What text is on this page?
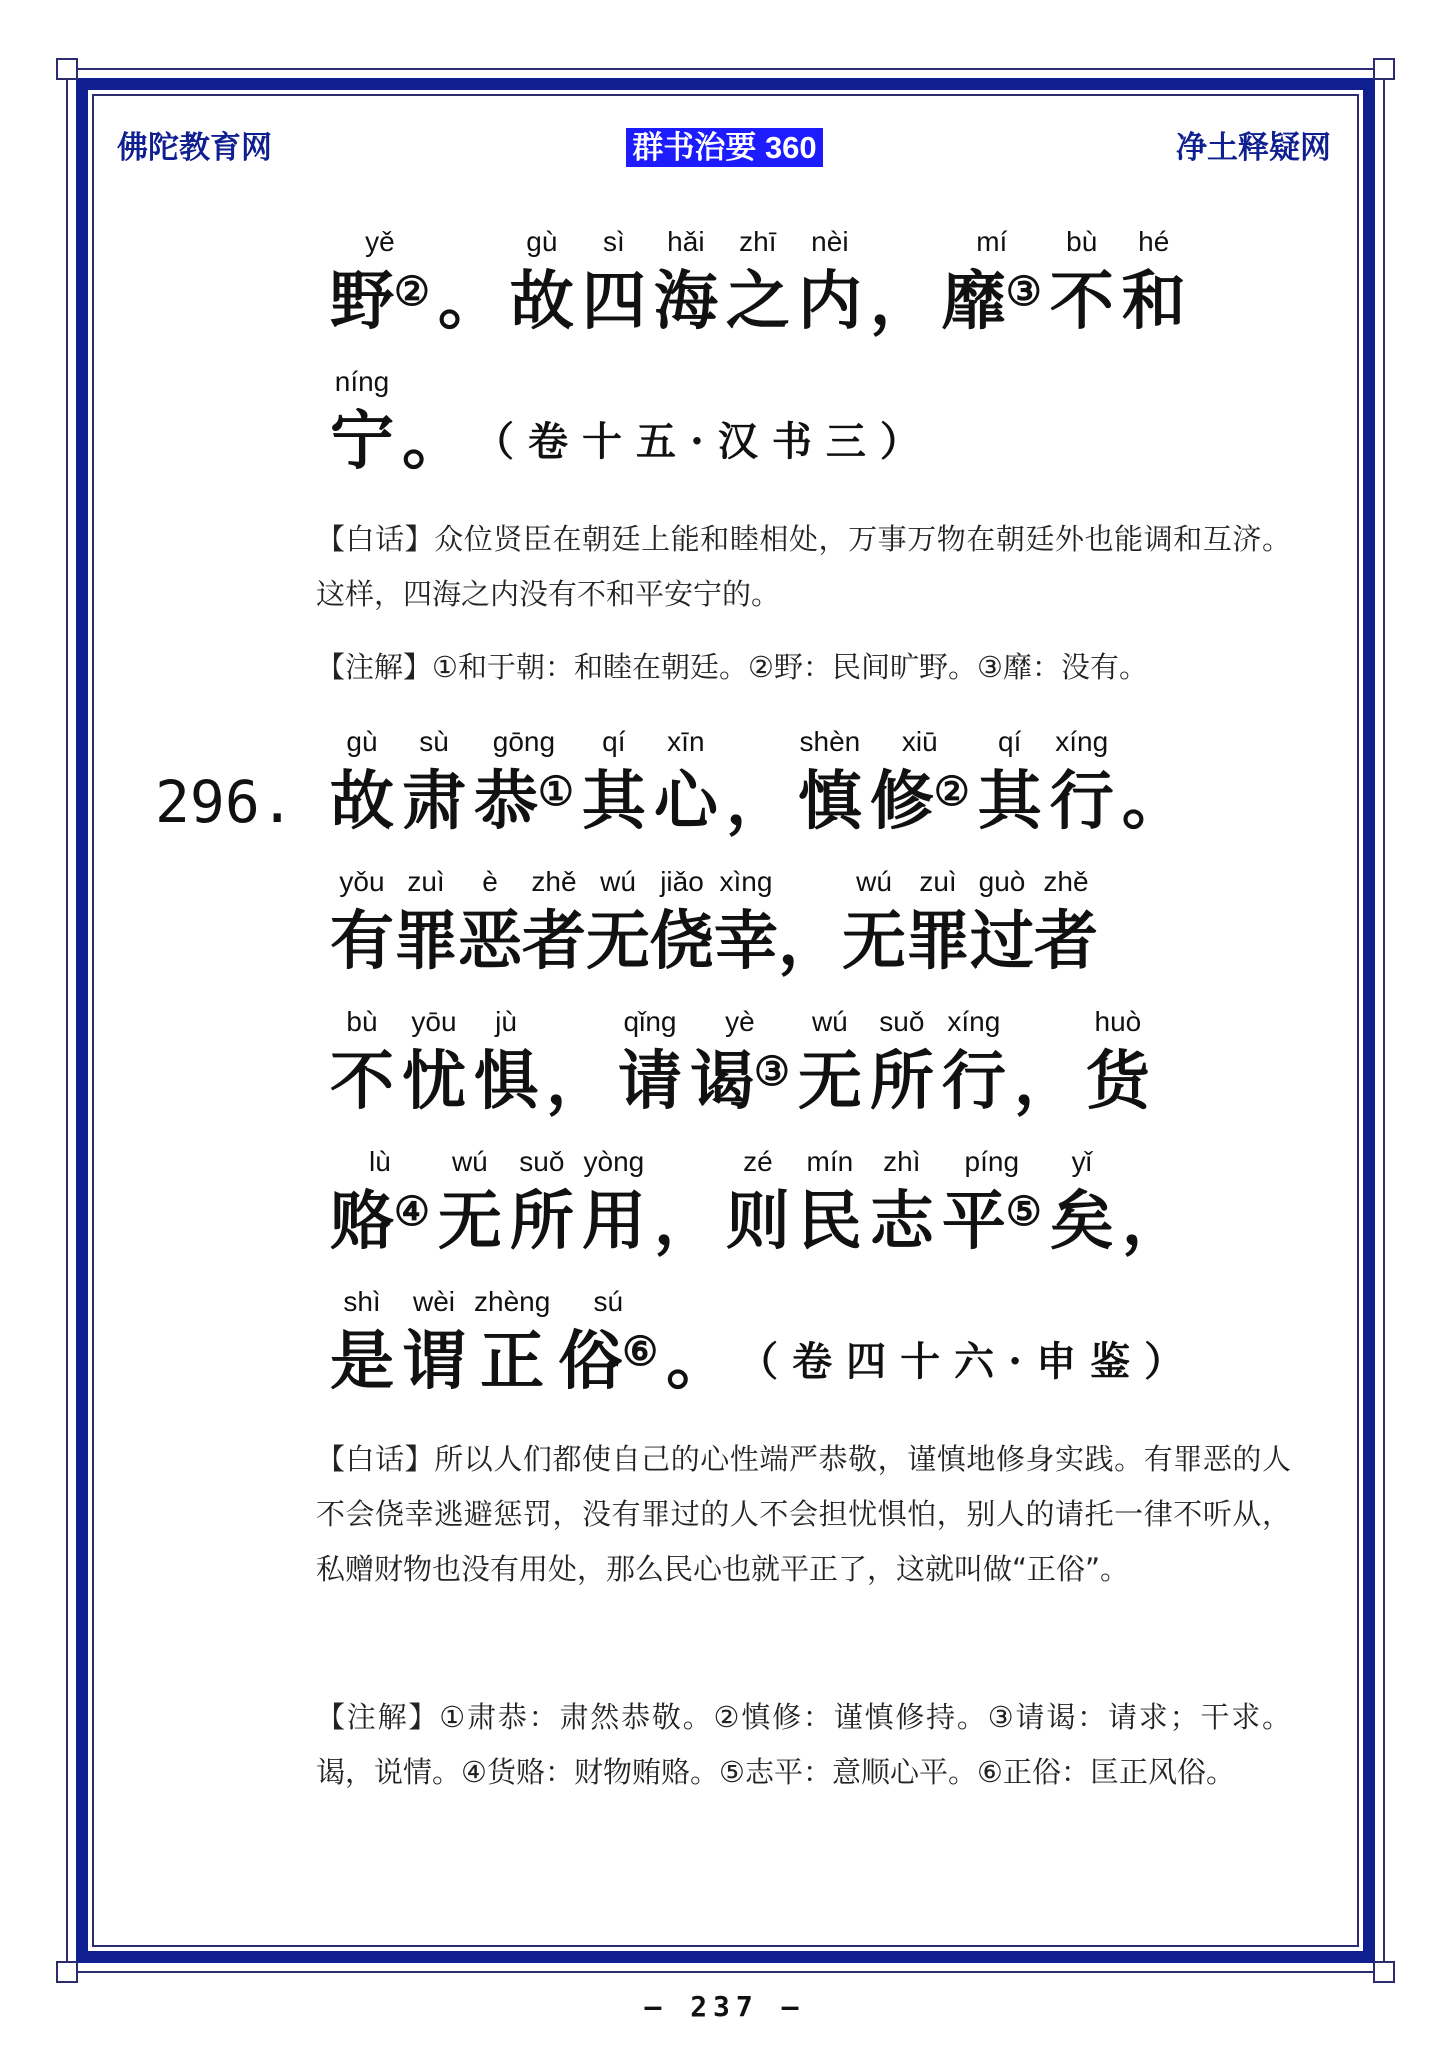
佛陀教育网	群书治要 360	净土释疑网
yě
野② 。
gù
故
sì
四
hǎi
海
zhī
之
nèi
内 ，
mí
靡③
bù
不
hé
和
níng
宁 。 （卷十五·汉书三）
【白话】众位贤臣在朝廷上能和睦相处，万事万物在朝廷外也能调和互济。这样，四海之内没有不和平安宁的。
【注解】①和于朝：和睦在朝廷。②野：民间旷野。③靡：没有。
296.
gù
故
sù
肃
gōng
恭①
qí
其
xīn
心 ，
shèn
慎
xiū
修②
qí
其
xíng
行 。
yǒu
有
zuì
罪
è
恶
zhě
者
wú
无
jiǎo
侥
xìng
幸 ，
wú
无
zuì
罪
guò
过
zhě
者
bù
不
yōu
忧
jù
惧 ，
qǐng
请
yè
谒③
wú
无
suǒ
所
xíng
行 ，
huò
货
lù
赂④
wú
无
suǒ
所
yòng
用 ，
zé
则
mín
民
zhì
志
píng
平⑤
yǐ
矣 ，
shì
是
wèi
谓
zhèng
正
sú
俗⑥ 。 （卷四十六·申鉴）
【白话】所以人们都使自己的心性端严恭敬，谨慎地修身实践。有罪恶的人不会侥幸逃避惩罚，没有罪过的人不会担忧惧怕，别人的请托一律不听从，私赠财物也没有用处，那么民心也就平正了，这就叫做“正俗”。
【注解】①肃恭：肃然恭敬。②慎修：谨慎修持。③请谒：请求；干求。谒，说情。④货赂：财物贿赂。⑤志平：意顺心平。⑥正俗：匡正风俗。
– 237 –
